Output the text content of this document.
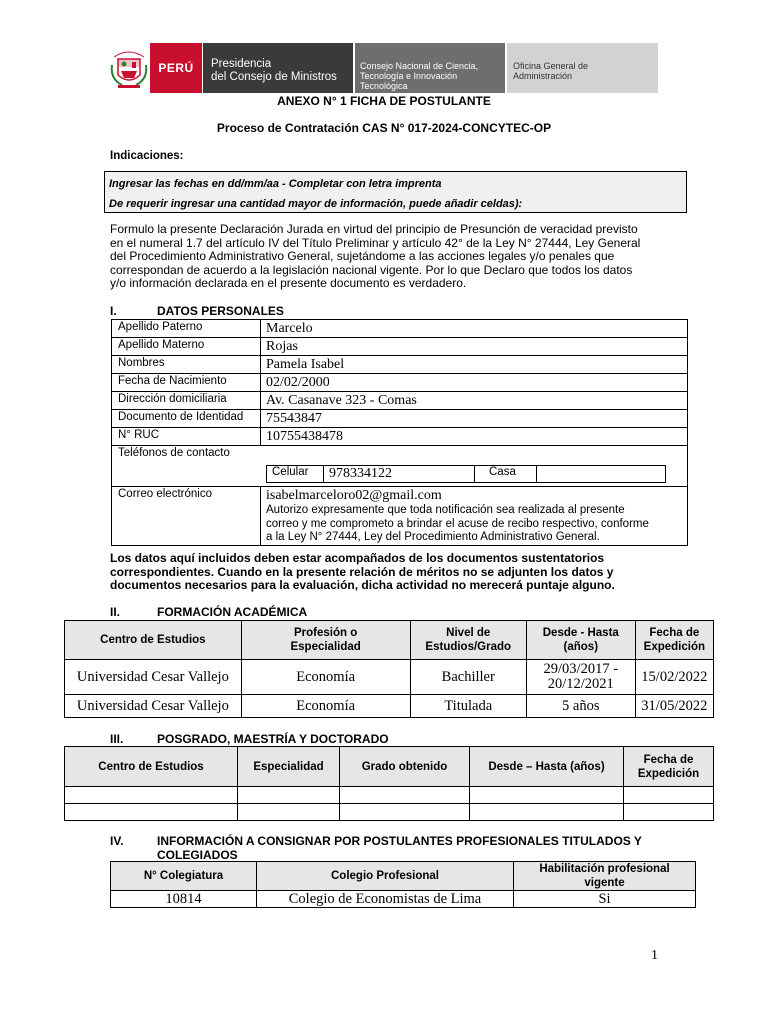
PERÚ Presidencia
del Consejo de Ministros
Consejo Nacional de Ciencia,
Tecnología e Innovación
Tecnológica
Oficina General de
Administración
ANEXO N° 1 FICHA DE POSTULANTE
Proceso de Contratación CAS N° 017-2024-CONCYTEC-OP
Indicaciones:
Ingresar las fechas en dd/mm/aa - Completar con letra imprenta
De requerir ingresar una cantidad mayor de información, puede añadir celdas):
Formulo la presente Declaración Jurada en virtud del principio de Presunción de veracidad previsto
en el numeral 1.7 del artículo IV del Título Preliminar y artículo 42° de la Ley N° 27444, Ley General
del Procedimiento Administrativo General, sujetándome a las acciones legales y/o penales que
correspondan de acuerdo a la legislación nacional vigente. Por lo que Declaro que todos los datos
y/o información declarada en el presente documento es verdadero.
I.	DATOS PERSONALES
Apellido Paterno	Marcelo
Apellido Materno	Rojas
Nombres	Pamela Isabel
Fecha de Nacimiento	02/02/2000
Dirección domiciliaria	Av. Casanave 323 - Comas
Documento de Identidad	75543847
N° RUC	10755438478

Teléfonos de contacto
Celular	978334122	Casa	

Correo electrónico	isabelmarceloro02@gmail.com
Autorizo expresamente que toda notificación sea realizada al presente
correo y me comprometo a brindar el acuse de recibo respectivo, conforme
a la Ley N° 27444, Ley del Procedimiento Administrativo General.
Los datos aquí incluidos deben estar acompañados de los documentos sustentatorios
correspondientes. Cuando en la presente relación de méritos no se adjunten los datos y
documentos necesarios para la evaluación, dicha actividad no merecerá puntaje alguno.
II.	FORMACIÓN ACADÉMICA
Centro de Estudios	Profesión o Especialidad	Nivel de Estudios/Grado	Desde - Hasta (años)	Fecha de Expedición
Universidad Cesar Vallejo	Economía	Bachiller	29/03/2017 - 20/12/2021	15/02/2022
Universidad Cesar Vallejo	Economía	Titulada	5 años	31/05/2022
III.	POSGRADO, MAESTRÍA Y DOCTORADO
Centro de Estudios	Especialidad	Grado obtenido	Desde – Hasta (años)	Fecha de Expedición

IV.	INFORMACIÓN A CONSIGNAR POR POSTULANTES PROFESIONALES TITULADOS Y
COLEGIADOS
N° Colegiatura	Colegio Profesional	Habilitación profesional vigente
10814	Colegio de Economistas de Lima	Si
1
